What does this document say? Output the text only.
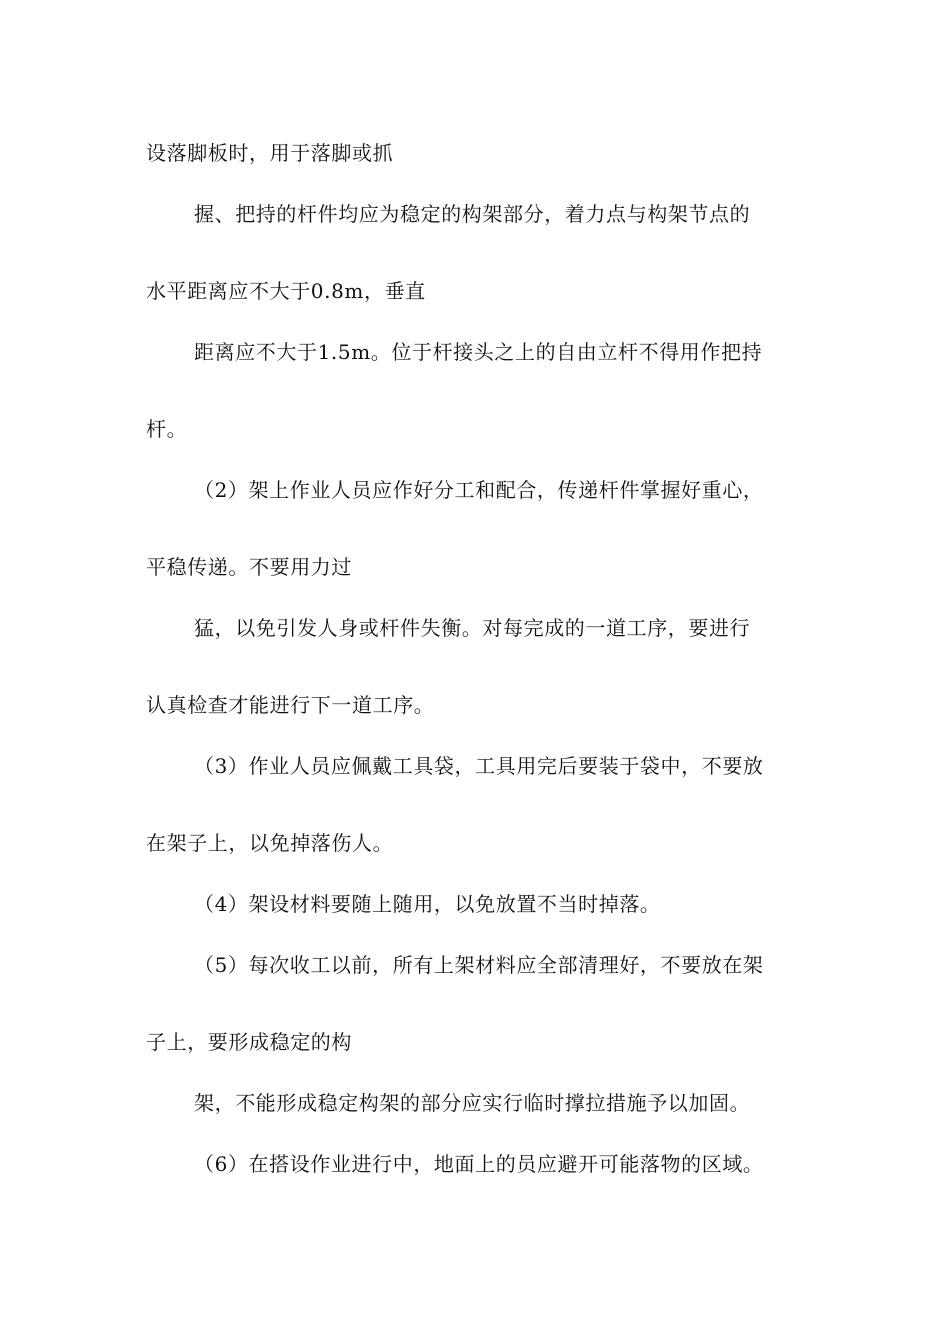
设落脚板时，用于落脚或抓
握、把持的杆件均应为稳定的构架部分，着力点与构架节点的
水平距离应不大于0.8m，垂直
距离应不大于1.5m。位于杆接头之上的自由立杆不得用作把持
杆。
（2）架上作业人员应作好分工和配合，传递杆件掌握好重心，
平稳传递。不要用力过
猛，以免引发人身或杆件失衡。对每完成的一道工序，要进行
认真检查才能进行下一道工序。
（3）作业人员应佩戴工具袋，工具用完后要装于袋中，不要放
在架子上，以免掉落伤人。
（4）架设材料要随上随用，以免放置不当时掉落。
（5）每次收工以前，所有上架材料应全部清理好，不要放在架
子上，要形成稳定的构
架，不能形成稳定构架的部分应实行临时撑拉措施予以加固。
（6）在搭设作业进行中，地面上的员应避开可能落物的区域。
